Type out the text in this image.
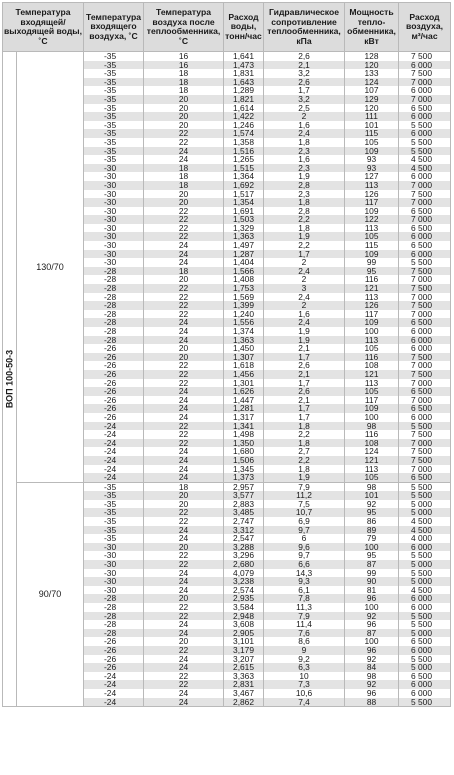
Температура входящей/ выходящей воды, ˚С		Температура входящего воздуха, ˚С	Температура воздуха после теплообменника, ˚С	Расход воды, тонн/час	Гидравлическое сопротивление теплообменника, кПа	Мощность тепло-обменника, кВт	Расход воздуха, м³/час

ВОП 100-50-3	130/70	-35	16	1,641	2,6	128	7 500
		-35	16	1,473	2,1	120	6 000
		-35	18	1,831	3,2	133	7 500
		-35	18	1,643	2,6	124	7 000
		-35	18	1,289	1,7	107	6 000
		-35	20	1,821	3,2	129	7 000
		-35	20	1,614	2,5	120	6 500
		-35	20	1,422	2	111	6 000
		-35	20	1,246	1,6	101	5 500
		-35	22	1,574	2,4	115	6 000
		-35	22	1,358	1,8	105	5 500
		-35	24	1,516	2,3	109	5 500
		-35	24	1,265	1,6	93	4 500
		-30	18	1,515	2,3	93	4 500
		-30	18	1,364	1,9	127	6 000
		-30	18	1,692	2,8	113	7 000
		-30	20	1,517	2,3	126	7 500
		-30	20	1,354	1,8	117	7 000
		-30	22	1,691	2,8	109	6 500
		-30	22	1,503	2,2	122	7 000
		-30	22	1,329	1,8	113	6 500
		-30	22	1,363	1,9	105	6 000
		-30	24	1,497	2,2	115	6 500
		-30	24	1,287	1,7	109	6 000
		-30	24	1,404	2	99	5 500
		-28	18	1,566	2,4	95	7 500
		-28	20	1,408	2	116	7 000
		-28	22	1,753	3	121	7 500
		-28	22	1,569	2,4	113	7 000
		-28	22	1,399	2	126	7 500
		-28	22	1,240	1,6	117	7 000
		-28	24	1,556	2,4	109	6 500
		-28	24	1,374	1,9	100	6 000
		-28	24	1,363	1,9	113	6 000
		-26	20	1,450	2,1	105	6 000
		-26	20	1,307	1,7	116	7 500
		-26	22	1,618	2,6	108	7 000
		-26	22	1,456	2,1	121	7 500
		-26	22	1,301	1,7	113	7 000
		-26	24	1,626	2,6	105	6 500
		-26	24	1,447	2,1	117	7 000
		-26	24	1,281	1,7	109	6 500
		-26	24	1,317	1,7	100	6 000
		-24	22	1,341	1,8	98	5 500
		-24	22	1,498	2,2	116	7 500
		-24	22	1,350	1,8	108	7 000
		-24	24	1,680	2,7	124	7 500
		-24	24	1,506	2,2	121	7 500
		-24	24	1,345	1,8	113	7 000
		-24	24	1,373	1,9	105	6 500
	90/70	-35	18	2,957	7,9	98	5 500
		-35	20	3,577	11,2	101	5 500
		-35	20	2,883	7,5	92	5 000
		-35	22	3,485	10,7	95	5 000
		-35	22	2,747	6,9	86	4 500
		-35	24	3,312	9,7	89	4 500
		-35	24	2,547	6	79	4 000
		-30	20	3,288	9,6	100	6 000
		-30	22	3,296	9,7	95	5 500
		-30	22	2,680	6,6	87	5 000
		-30	24	4,079	14,3	99	5 500
		-30	24	3,238	9,3	90	5 000
		-30	24	2,574	6,1	81	4 500
		-28	20	2,935	7,8	96	6 000
		-28	22	3,584	11,3	100	6 000
		-28	22	2,948	7,9	92	5 500
		-28	24	3,608	11,4	96	5 500
		-28	24	2,905	7,6	87	5 000
		-26	20	3,101	8,6	100	6 500
		-26	22	3,179	9	96	6 000
		-26	24	3,207	9,2	92	5 500
		-26	24	2,615	6,3	84	5 000
		-24	22	3,363	10	98	6 500
		-24	22	2,831	7,3	92	6 000
		-24	24	3,467	10,6	96	6 000
		-24	24	2,862	7,4	88	5 500
